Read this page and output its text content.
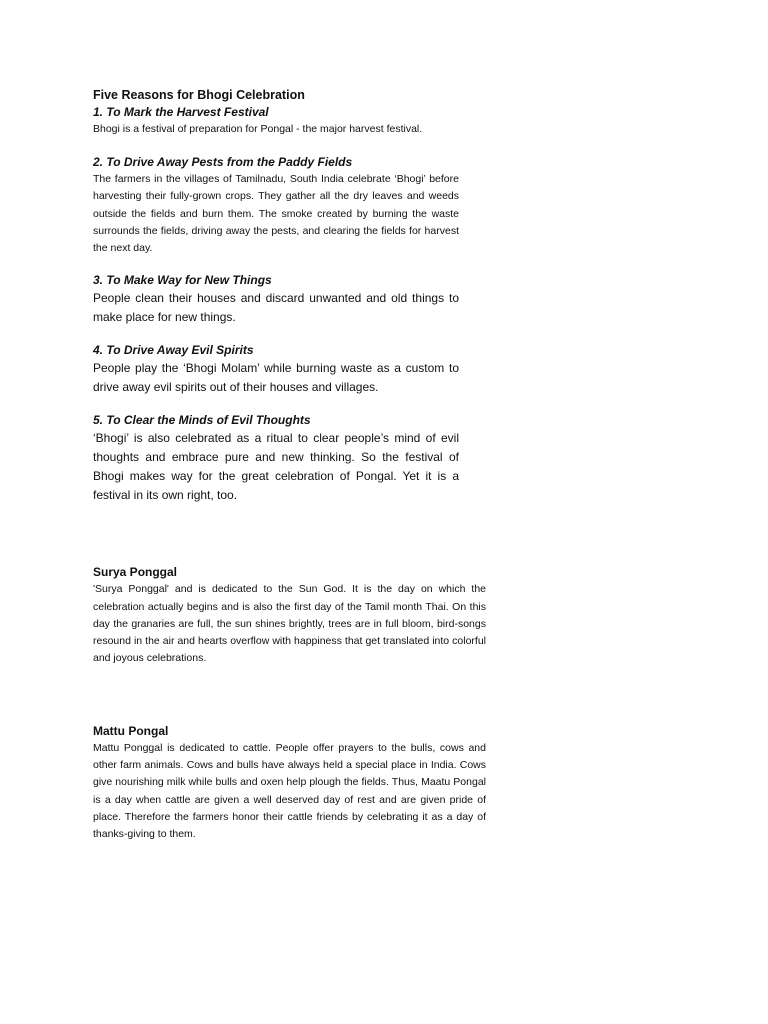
Five Reasons for Bhogi Celebration

1. To Mark the Harvest Festival

Bhogi is a festival of preparation for Pongal - the major harvest festival.

2. To Drive Away Pests from the Paddy Fields

The farmers in the villages of Tamilnadu, South India celebrate ‘Bhogi’ before harvesting their fully-grown crops. They gather all the dry leaves and weeds outside the fields and burn them. The smoke created by burning the waste surrounds the fields, driving away the pests, and clearing the fields for harvest the next day.

3. To Make Way for New Things

People clean their houses and discard unwanted and old things to make place for new things.

4. To Drive Away Evil Spirits

People play the ‘Bhogi Molam’ while burning waste as a custom to drive away evil spirits out of their houses and villages.

5. To Clear the Minds of Evil Thoughts

‘Bhogi’ is also celebrated as a ritual to clear people’s mind of evil thoughts and embrace pure and new thinking. So the festival of Bhogi makes way for the great celebration of Pongal. Yet it is a festival in its own right, too.

Surya Ponggal

'Surya Ponggal' and is dedicated to the Sun God. It is the day on which the celebration actually begins and is also the first day of the Tamil month Thai. On this day the granaries are full, the sun shines brightly, trees are in full bloom, bird-songs resound in the air and hearts overflow with happiness that get translated into colorful and joyous celebrations.

Mattu Pongal

Mattu Ponggal is dedicated to cattle. People offer prayers to the bulls, cows and other farm animals. Cows and bulls have always held a special place in India. Cows give nourishing milk while bulls and oxen help plough the fields. Thus, Maatu Pongal is a day when cattle are given a well deserved day of rest and are given pride of place. Therefore the farmers honor their cattle friends by celebrating it as a day of thanks-giving to them.
